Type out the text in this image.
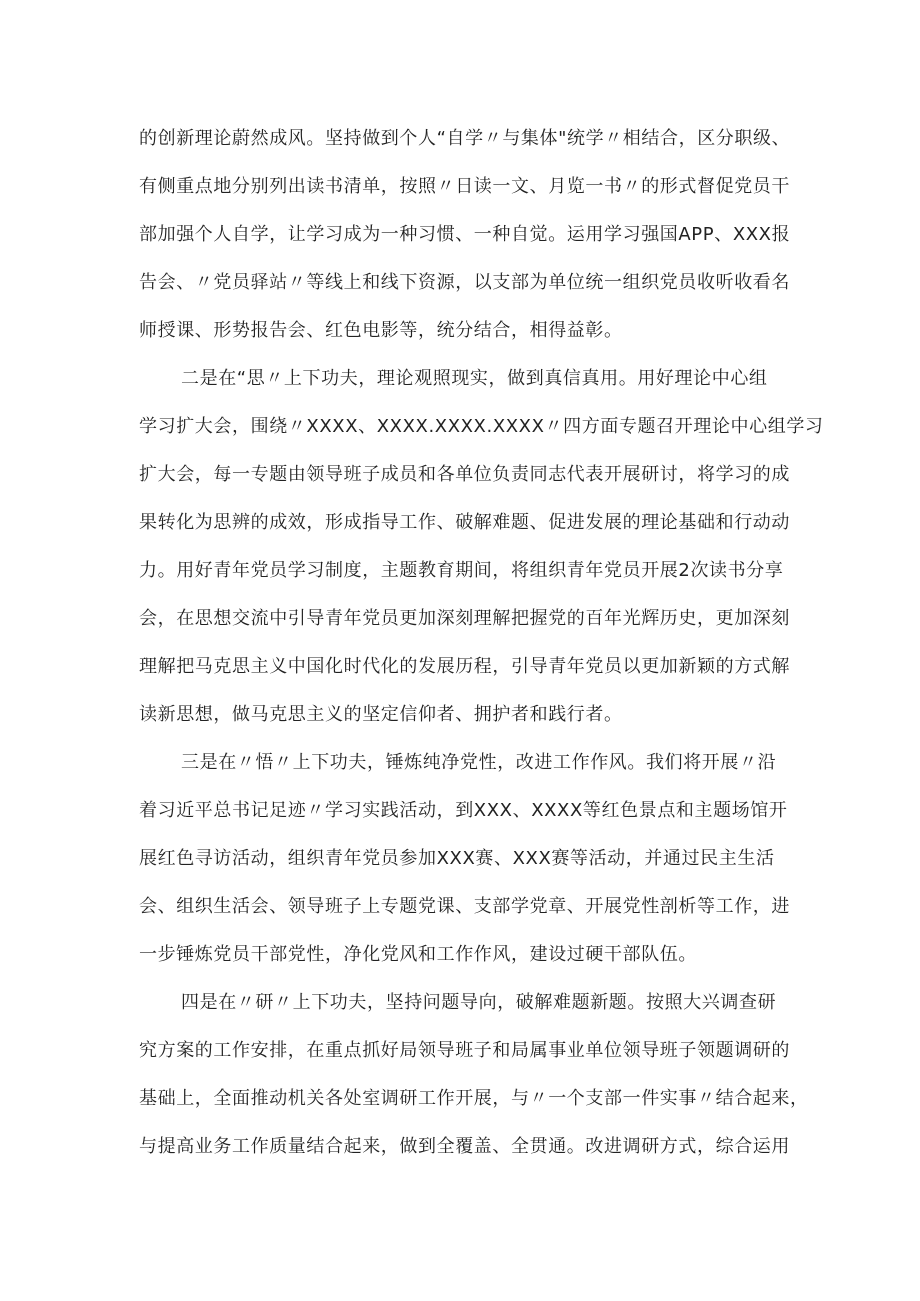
的创新理论蔚然成风。坚持做到个人“自学〃与集体"统学〃相结合，区分职级、
有侧重点地分别列出读书清单，按照〃日读一文、月览一书〃的形式督促党员干
部加强个人自学，让学习成为一种习惯、一种自觉。运用学习强国APP、XXX报
告会、〃党员驿站〃等线上和线下资源，以支部为单位统一组织党员收听收看名
师授课、形势报告会、红色电影等，统分结合，相得益彰。
二是在“思〃上下功夫，理论观照现实，做到真信真用。用好理论中心组
学习扩大会，围绕〃XXXX、XXXX.XXXX.XXXX〃四方面专题召开理论中心组学习
扩大会，每一专题由领导班子成员和各单位负责同志代表开展研讨，将学习的成
果转化为思辨的成效，形成指导工作、破解难题、促进发展的理论基础和行动动
力。用好青年党员学习制度，主题教育期间，将组织青年党员开展2次读书分享
会，在思想交流中引导青年党员更加深刻理解把握党的百年光辉历史，更加深刻
理解把马克思主义中国化时代化的发展历程，引导青年党员以更加新颖的方式解
读新思想，做马克思主义的坚定信仰者、拥护者和践行者。
三是在〃悟〃上下功夫，锤炼纯净党性，改进工作作风。我们将开展〃沿
着习近平总书记足迹〃学习实践活动，到XXX、XXXX等红色景点和主题场馆开
展红色寻访活动，组织青年党员参加XXX赛、XXX赛等活动，并通过民主生活
会、组织生活会、领导班子上专题党课、支部学党章、开展党性剖析等工作，进
一步锤炼党员干部党性，净化党风和工作作风，建设过硬干部队伍。
四是在〃研〃上下功夫，坚持问题导向，破解难题新题。按照大兴调查研
究方案的工作安排，在重点抓好局领导班子和局属事业单位领导班子领题调研的
基础上，全面推动机关各处室调研工作开展，与〃一个支部一件实事〃结合起来，
与提高业务工作质量结合起来，做到全覆盖、全贯通。改进调研方式，综合运用
